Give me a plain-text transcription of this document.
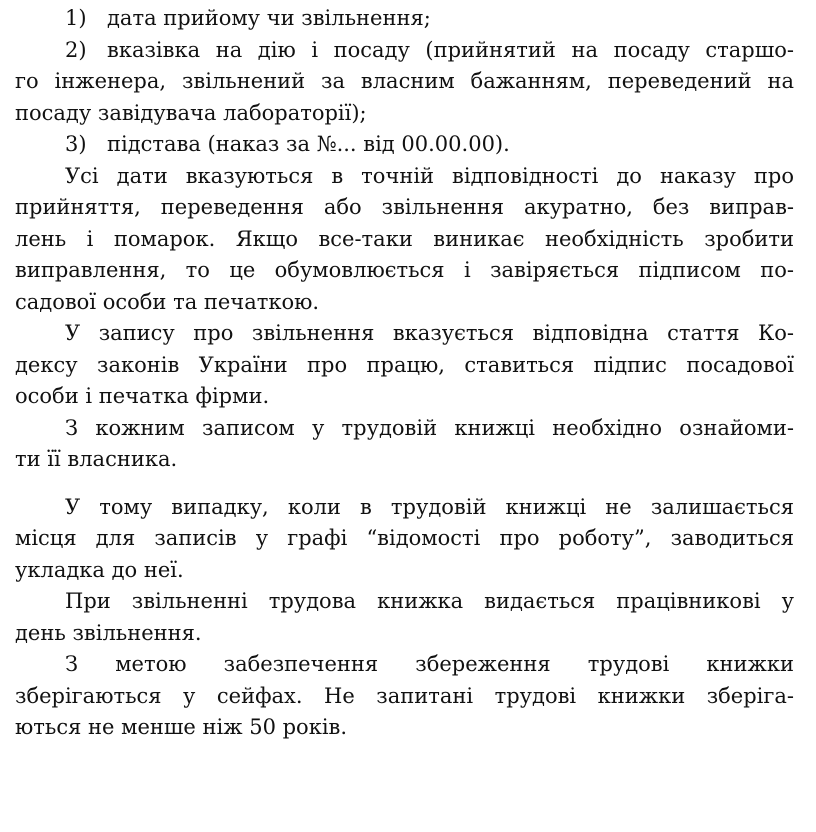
1) дата прийому чи звільнення;
2) вказівка на дію і посаду (прийнятий на посаду старшо-
го інженера, звільнений за власним бажанням, переведений на
посаду завідувача лабораторії);
3) підстава (наказ за №... від 00.00.00).
Усі дати вказуються в точній відповідності до наказу про
прийняття, переведення або звільнення акуратно, без виправ-
лень і помарок. Якщо все-таки виникає необхідність зробити
виправлення, то це обумовлюється і завіряється підписом по-
садової особи та печаткою.
У запису про звільнення вказується відповідна стаття Ко-
дексу законів України про працю, ставиться підпис посадової
особи і печатка фірми.
З кожним записом у трудовій книжці необхідно ознайоми-
ти її власника.
У тому випадку, коли в трудовій книжці не залишається
місця для записів у графі “відомості про роботу”, заводиться
укладка до неї.
При звільненні трудова книжка видається працівникові у
день звільнення.
З метою забезпечення збереження трудові книжки
зберігаються у сейфах. Не запитані трудові книжки зберіга-
ються не менше ніж 50 років.
